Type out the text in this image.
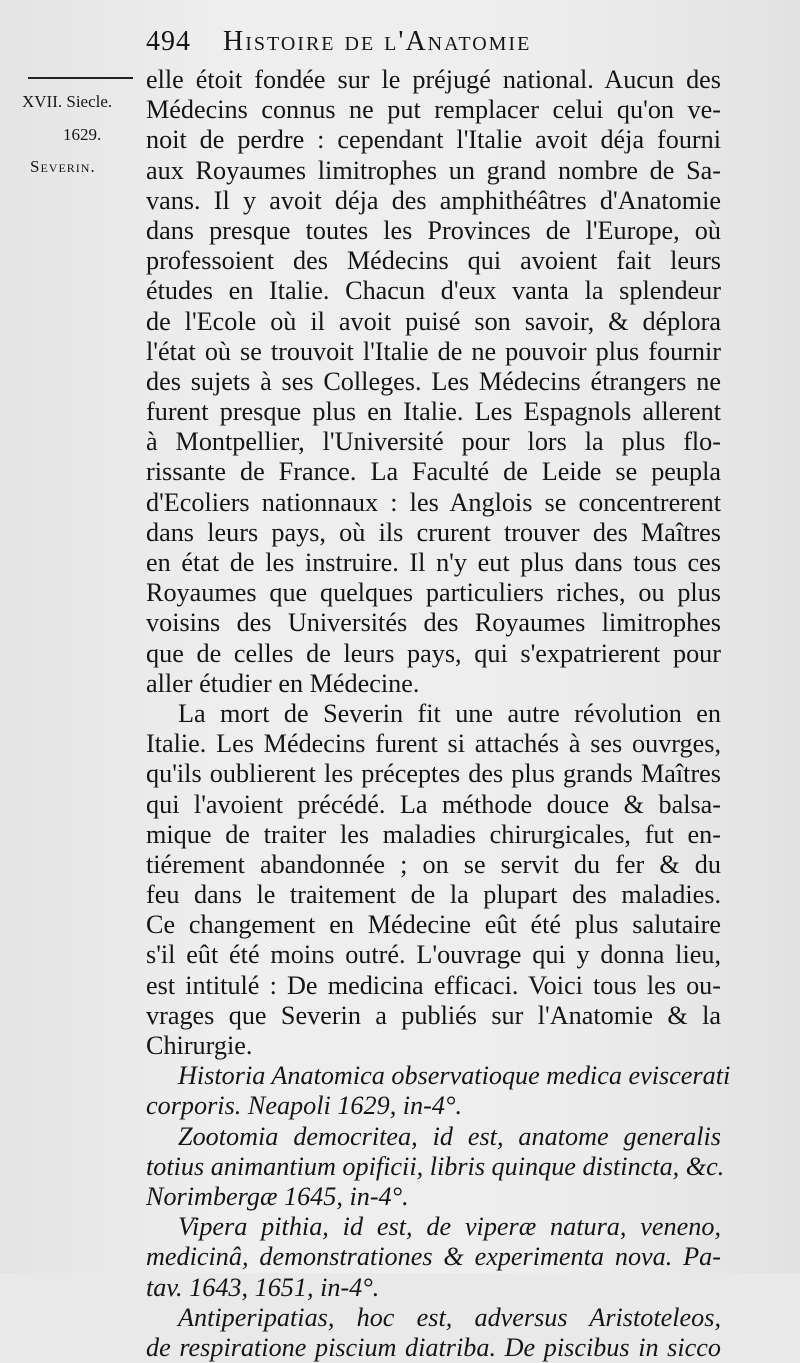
494 Histoire de l'Anatomie
XVII. Siecle.
1629.
Severin.
elle étoit fondée sur le préjugé national. Aucun des
Médecins connus ne put remplacer celui qu'on ve-
noit de perdre : cependant l'Italie avoit déja fourni
aux Royaumes limitrophes un grand nombre de Sa-
vans. Il y avoit déja des amphithéâtres d'Anatomie
dans presque toutes les Provinces de l'Europe, où
professoient des Médecins qui avoient fait leurs
études en Italie. Chacun d'eux vanta la splendeur
de l'Ecole où il avoit puisé son savoir, & déplora
l'état où se trouvoit l'Italie de ne pouvoir plus fournir
des sujets à ses Colleges. Les Médecins étrangers ne
furent presque plus en Italie. Les Espagnols allerent
à Montpellier, l'Université pour lors la plus flo-
rissante de France. La Faculté de Leide se peupla
d'Ecoliers nationnaux : les Anglois se concentrerent
dans leurs pays, où ils crurent trouver des Maîtres
en état de les instruire. Il n'y eut plus dans tous ces
Royaumes que quelques particuliers riches, ou plus
voisins des Universités des Royaumes limitrophes
que de celles de leurs pays, qui s'expatrierent pour
aller étudier en Médecine.
La mort de Severin fit une autre révolution en
Italie. Les Médecins furent si attachés à ses ouvrges,
qu'ils oublierent les préceptes des plus grands Maîtres
qui l'avoient précédé. La méthode douce & balsa-
mique de traiter les maladies chirurgicales, fut en-
tiérement abandonnée ; on se servit du fer & du
feu dans le traitement de la plupart des maladies.
Ce changement en Médecine eût été plus salutaire
s'il eût été moins outré. L'ouvrage qui y donna lieu,
est intitulé : De medicina efficaci. Voici tous les ou-
vrages que Severin a publiés sur l'Anatomie & la
Chirurgie.
Historia Anatomica observatioque medica eviscerati
corporis. Neapoli 1629, in-4°.
Zootomia democritea, id est, anatome generalis
totius animantium opificii, libris quinque distincta, &c.
Norimbergæ 1645, in-4°.
Vipera pithia, id est, de viperæ natura, veneno,
medicinâ, demonstrationes & experimenta nova. Pa-
tav. 1643, 1651, in-4°.
Antiperipatias, hoc est, adversus Aristoteleos,
de respiratione piscium diatriba. De piscibus in sicco
